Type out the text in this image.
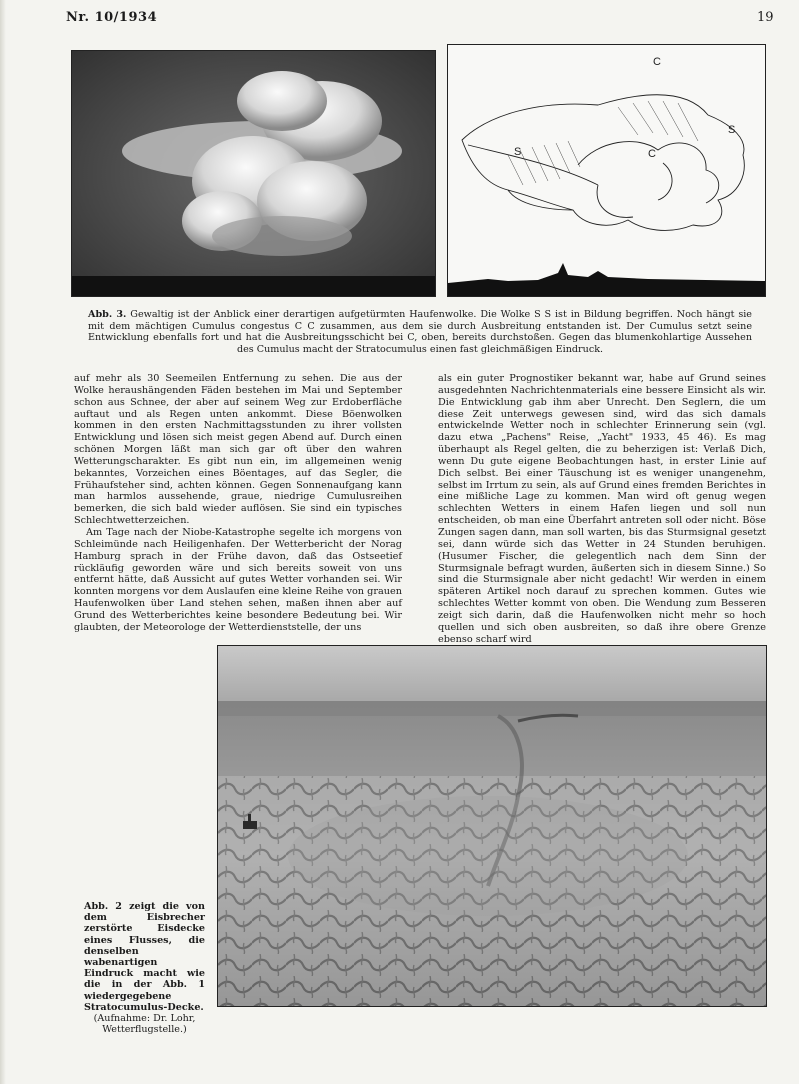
Nr. 10/1934	19
C
S	C
S
Abb. 3. Gewaltig ist der Anblick einer derartigen aufgetürmten Haufenwolke. Die Wolke S S ist in Bildung begriffen. Noch hängt sie mit dem mächtigen Cumulus congestus C C zusammen, aus dem sie durch Ausbreitung entstanden ist. Der Cumulus setzt seine Entwicklung ebenfalls fort und hat die Ausbreitungsschicht bei C, oben, bereits durchstoßen. Gegen das blumenkohlartige Aussehen des Cumulus macht der Stratocumulus einen fast gleichmäßigen Eindruck.

auf mehr als 30 Seemeilen Entfernung zu sehen. Die aus der Wolke heraushängenden Fäden bestehen im Mai und September schon aus Schnee, der aber auf seinem Weg zur Erdoberfläche auftaut und als Regen unten ankommt. Diese Böenwolken kommen in den ersten Nachmittagsstunden zu ihrer vollsten Entwicklung und lösen sich meist gegen Abend auf. Durch einen schönen Morgen läßt man sich gar oft über den wahren Wetterungscharakter. Es gibt nun ein, im allgemeinen wenig bekanntes, Vorzeichen eines Böentages, auf das Segler, die Frühaufsteher sind, achten können. Gegen Sonnenaufgang kann man harmlos aussehende, graue, niedrige Cumulusreihen bemerken, die sich bald wieder auflösen. Sie sind ein typisches Schlechtwetterzeichen.

Am Tage nach der Niobe-Katastrophe segelte ich morgens von Schleimünde nach Heiligenhafen. Der Wetterbericht der Norag Hamburg sprach in der Frühe davon, daß das Ostseetief rückläufig geworden wäre und sich bereits soweit von uns entfernt hätte, daß Aussicht auf gutes Wetter vorhanden sei. Wir konnten morgens vor dem Auslaufen eine kleine Reihe von grauen Haufenwolken über Land stehen sehen, maßen ihnen aber auf Grund des Wetterberichtes keine besondere Bedeutung bei. Wir glaubten, der Meteorologe der Wetterdienststelle, der uns

als ein guter Prognostiker bekannt war, habe auf Grund seines ausgedehnten Nachrichtenmaterials eine bessere Einsicht als wir. Die Entwicklung gab ihm aber Unrecht. Den Seglern, die um diese Zeit unterwegs gewesen sind, wird das sich damals entwickelnde Wetter noch in schlechter Erinnerung sein (vgl. dazu etwa „Pachens" Reise, „Yacht" 1933, 45 46). Es mag überhaupt als Regel gelten, die zu beherzigen ist: Verlaß Dich, wenn Du gute eigene Beobachtungen hast, in erster Linie auf Dich selbst. Bei einer Täuschung ist es weniger unangenehm, selbst im Irrtum zu sein, als auf Grund eines fremden Berichtes in eine mißliche Lage zu kommen. Man wird oft genug wegen schlechten Wetters in einem Hafen liegen und soll nun entscheiden, ob man eine Überfahrt antreten soll oder nicht. Böse Zungen sagen dann, man soll warten, bis das Sturmsignal gesetzt sei, dann würde sich das Wetter in 24 Stunden beruhigen. (Husumer Fischer, die gelegentlich nach dem Sinn der Sturmsignale befragt wurden, äußerten sich in diesem Sinne.) So sind die Sturmsignale aber nicht gedacht! Wir werden in einem späteren Artikel noch darauf zu sprechen kommen. Gutes wie schlechtes Wetter kommt von oben. Die Wendung zum Besseren zeigt sich darin, daß die Haufenwolken nicht mehr so hoch quellen und sich oben ausbreiten, so daß ihre obere Grenze ebenso scharf wird

Abb. 2 zeigt die von dem Eisbrecher zerstörte Eisdecke eines Flusses, die denselben wabenartigen Eindruck macht wie die in der Abb. 1 wiedergegebene Stratocumulus-Decke.
(Aufnahme: Dr. Lohr, Wetterflugstelle.)
